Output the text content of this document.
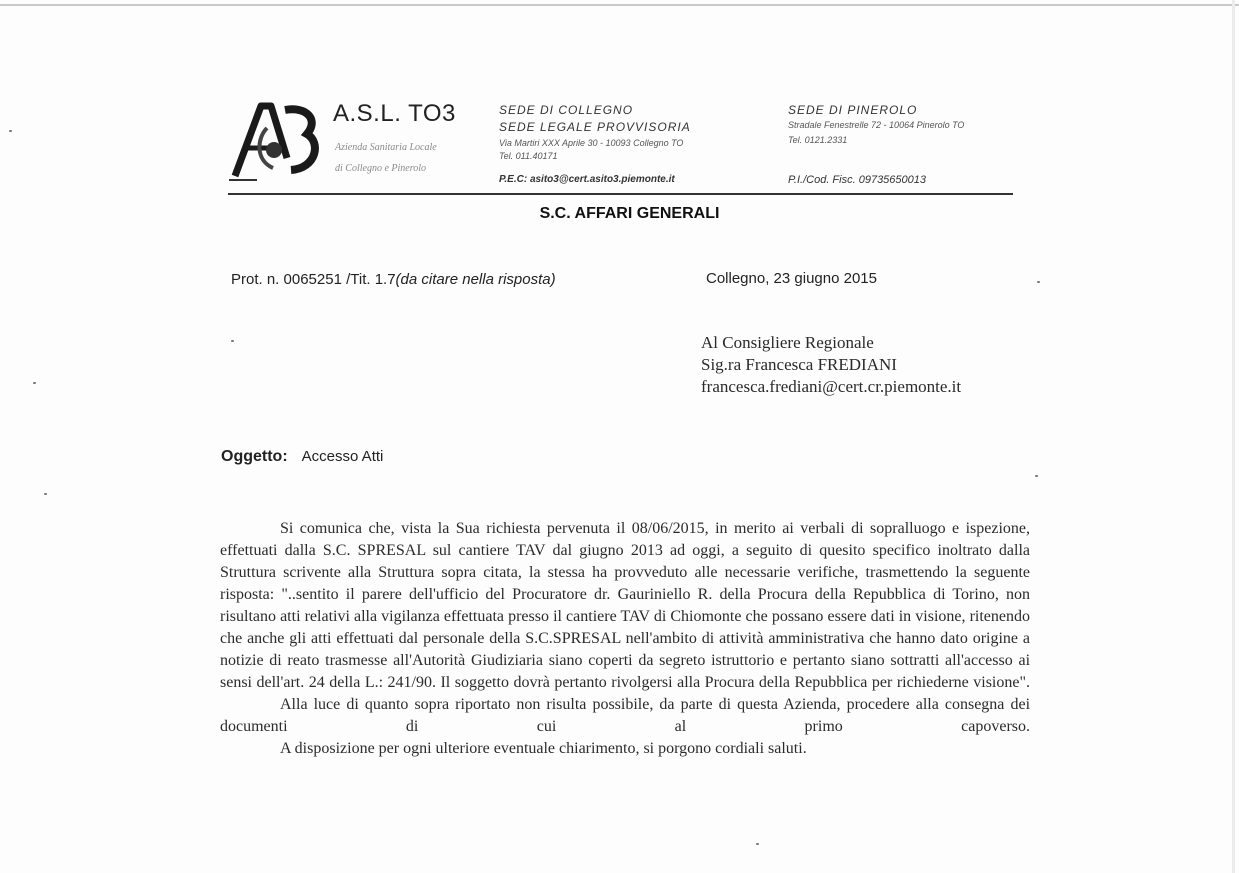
A.S.L. TO3
Azienda Sanitaria Locale
di Collegno e Pinerolo
SEDE DI COLLEGNO
SEDE LEGALE PROVVISORIA
Via Martiri XXX Aprile 30 - 10093 Collegno TO
Tel. 011.40171
P.E.C: asito3@cert.asito3.piemonte.it
SEDE DI PINEROLO
Stradale Fenestrelle 72 - 10064 Pinerolo TO
Tel. 0121.2331
P.I./Cod. Fisc. 09735650013
S.C. AFFARI GENERALI
Prot. n. 0065251 /Tit. 1.7(da citare nella risposta)	Collegno, 23 giugno 2015
Al Consigliere Regionale
Sig.ra Francesca FREDIANI
francesca.frediani@cert.cr.piemonte.it
Oggetto: Accesso Atti

Si comunica che, vista la Sua richiesta pervenuta il 08/06/2015, in merito ai verbali di sopralluogo e ispezione, effettuati dalla S.C. SPRESAL sul cantiere TAV dal giugno 2013 ad oggi, a seguito di quesito specifico inoltrato dalla Struttura scrivente alla Struttura sopra citata, la stessa ha provveduto alle necessarie verifiche, trasmettendo la seguente risposta: "..sentito il parere dell'ufficio del Procuratore dr. Gauriniello R. della Procura della Repubblica di Torino, non risultano atti relativi alla vigilanza effettuata presso il cantiere TAV di Chiomonte che possano essere dati in visione, ritenendo che anche gli atti effettuati dal personale della S.C.SPRESAL nell'ambito di attività amministrativa che hanno dato origine a notizie di reato trasmesse all'Autorità Giudiziaria siano coperti da segreto istruttorio e pertanto siano sottratti all'accesso ai sensi dell'art. 24 della L.: 241/90. Il soggetto dovrà pertanto rivolgersi alla Procura della Repubblica per richiederne visione".

Alla luce di quanto sopra riportato non risulta possibile, da parte di questa Azienda, procedere alla consegna dei documenti di cui al primo capoverso.

A disposizione per ogni ulteriore eventuale chiarimento, si porgono cordiali saluti.
